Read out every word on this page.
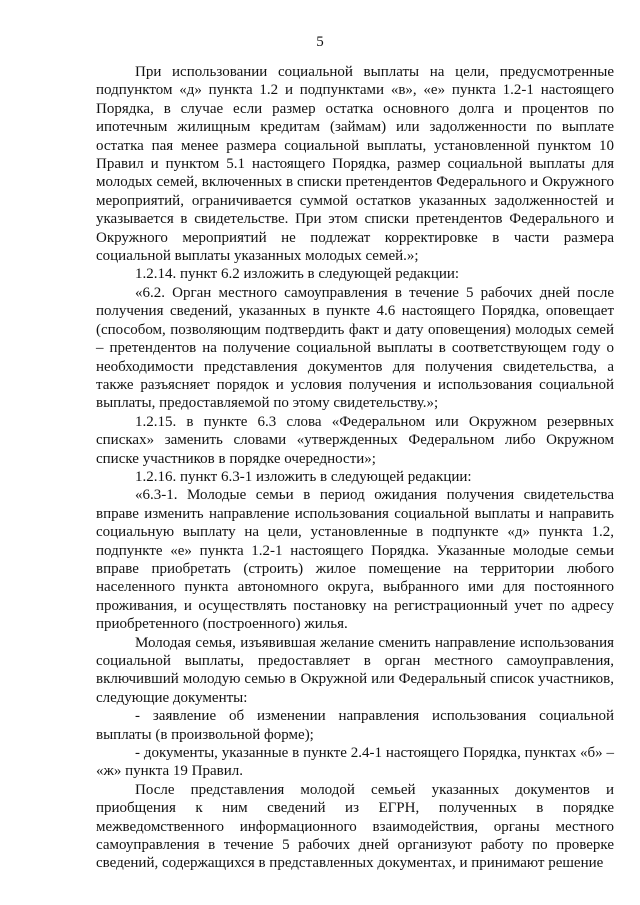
5

При использовании социальной выплаты на цели, предусмотренные подпунктом «д» пункта 1.2 и подпунктами «в», «е» пункта 1.2-1 настоящего Порядка, в случае если размер остатка основного долга и процентов по ипотечным жилищным кредитам (займам) или задолженности по выплате остатка пая менее размера социальной выплаты, установленной пунктом 10 Правил и пунктом 5.1 настоящего Порядка, размер социальной выплаты для молодых семей, включенных в списки претендентов Федерального и Окружного мероприятий, ограничивается суммой остатков указанных задолженностей и указывается в свидетельстве. При этом списки претендентов Федерального и Окружного мероприятий не подлежат корректировке в части размера социальной выплаты указанных молодых семей.»;

1.2.14. пункт 6.2 изложить в следующей редакции:

«6.2. Орган местного самоуправления в течение 5 рабочих дней после получения сведений, указанных в пункте 4.6 настоящего Порядка, оповещает (способом, позволяющим подтвердить факт и дату оповещения) молодых семей – претендентов на получение социальной выплаты в соответствующем году о необходимости представления документов для получения свидетельства, а также разъясняет порядок и условия получения и использования социальной выплаты, предоставляемой по этому свидетельству.»;

1.2.15. в пункте 6.3 слова «Федеральном или Окружном резервных списках» заменить словами «утвержденных Федеральном либо Окружном списке участников в порядке очередности»;

1.2.16. пункт 6.3-1 изложить в следующей редакции:

«6.3-1. Молодые семьи в период ожидания получения свидетельства вправе изменить направление использования социальной выплаты и направить социальную выплату на цели, установленные в подпункте «д» пункта 1.2, подпункте «е» пункта 1.2-1 настоящего Порядка. Указанные молодые семьи вправе приобретать (строить) жилое помещение на территории любого населенного пункта автономного округа, выбранного ими для постоянного проживания, и осуществлять постановку на регистрационный учет по адресу приобретенного (построенного) жилья.

Молодая семья, изъявившая желание сменить направление использования социальной выплаты, предоставляет в орган местного самоуправления, включивший молодую семью в Окружной или Федеральный список участников, следующие документы:

- заявление об изменении направления использования социальной выплаты (в произвольной форме);

- документы, указанные в пункте 2.4-1 настоящего Порядка, пунктах «б» – «ж» пункта 19 Правил.

После представления молодой семьей указанных документов и приобщения к ним сведений из ЕГРН, полученных в порядке межведомственного информационного взаимодействия, органы местного самоуправления в течение 5 рабочих дней организуют работу по проверке сведений, содержащихся в представленных документах, и принимают решение
